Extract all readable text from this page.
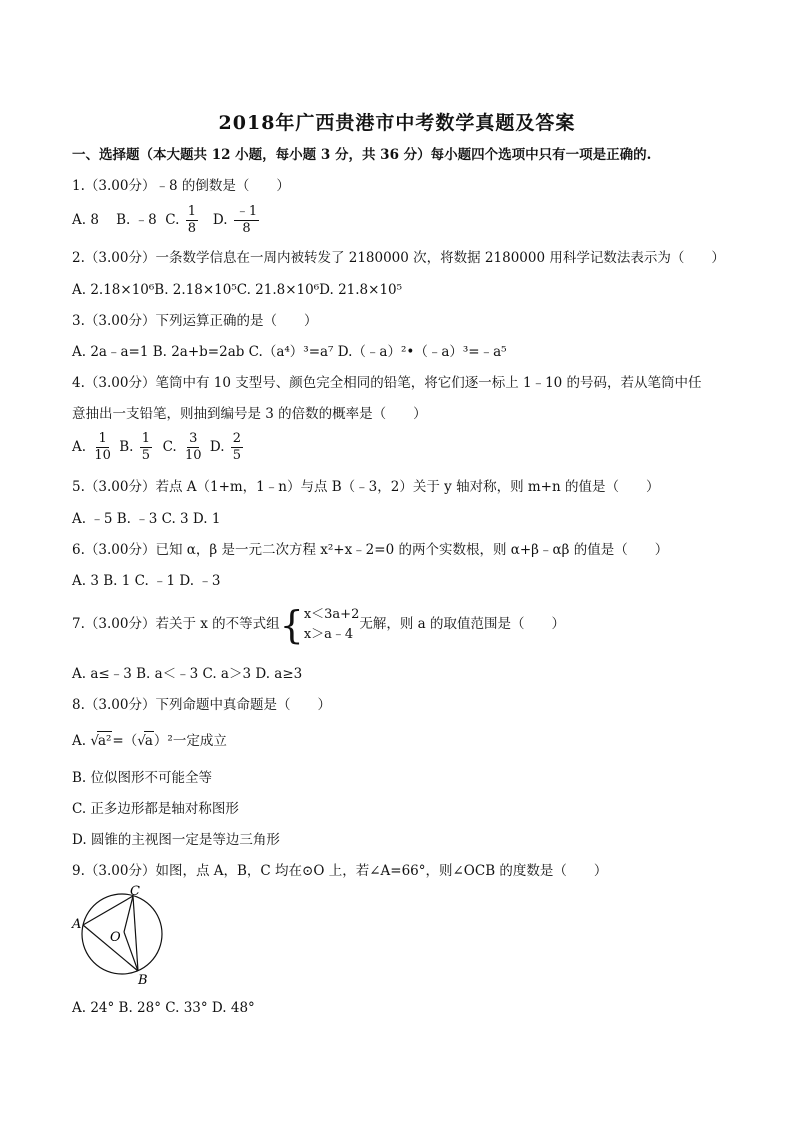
2018年广西贵港市中考数学真题及答案
一、选择题（本大题共 12 小题，每小题 3 分，共 36 分）每小题四个选项中只有一项是正确的.
1.（3.00分）﹣8 的倒数是（　　）
A. 8 B. ﹣8 C. $\frac{1}{8} D$. $\frac{﹣1}{8}$
2.（3.00分）一条数学信息在一周内被转发了 2180000 次，将数据 2180000 用科学记数法表示为（　　）
A. 2.18×10⁶B. 2.18×10⁵C. 21.8×10⁶D. 21.8×10⁵
3.（3.00分）下列运算正确的是（　　）
A. 2a﹣a=1 B. 2a+b=2ab C.（a⁴）³=a⁷ D.（﹣a）²•（﹣a）³=﹣a⁵
4.（3.00分）笔筒中有 10 支型号、颜色完全相同的铅笔，将它们逐一标上 1﹣10 的号码，若从笔筒中任
意抽出一支铅笔，则抽到编号是 3 的倍数的概率是（　　）
A. $\frac{1}{10} B$. $\frac{1}{5} C$. $\frac{3}{10} D$. $\frac{2}{5}$
5.（3.00分）若点 A（1+m，1﹣n）与点 B（﹣3，2）关于 y 轴对称，则 m+n 的值是（　　）
A. ﹣5 B. ﹣3 C. 3 D. 1
6.（3.00分）已知 α，β 是一元二次方程 x²+x﹣2=0 的两个实数根，则 α+β﹣αβ 的值是（　　）
A. 3 B. 1 C. ﹣1 D. ﹣3
7.（3.00分）若关于 x 的不等式组{ x＜3a+2
x＞a﹣4
无解，则 a 的取值范围是（　　）
A. a≤﹣3 B. a＜﹣3 C. a＞3 D. a≥3
8.（3.00分）下列命题中真命题是（　　）
A. √a²=（√a）²一定成立
B. 位似图形不可能全等
C. 正多边形都是轴对称图形
D. 圆锥的主视图一定是等边三角形
9.（3.00分）如图，点 A，B，C 均在⊙O 上，若∠A=66°，则∠OCB 的度数是（　　）
A
C
B
O
A. 24° B. 28° C. 33° D. 48°
